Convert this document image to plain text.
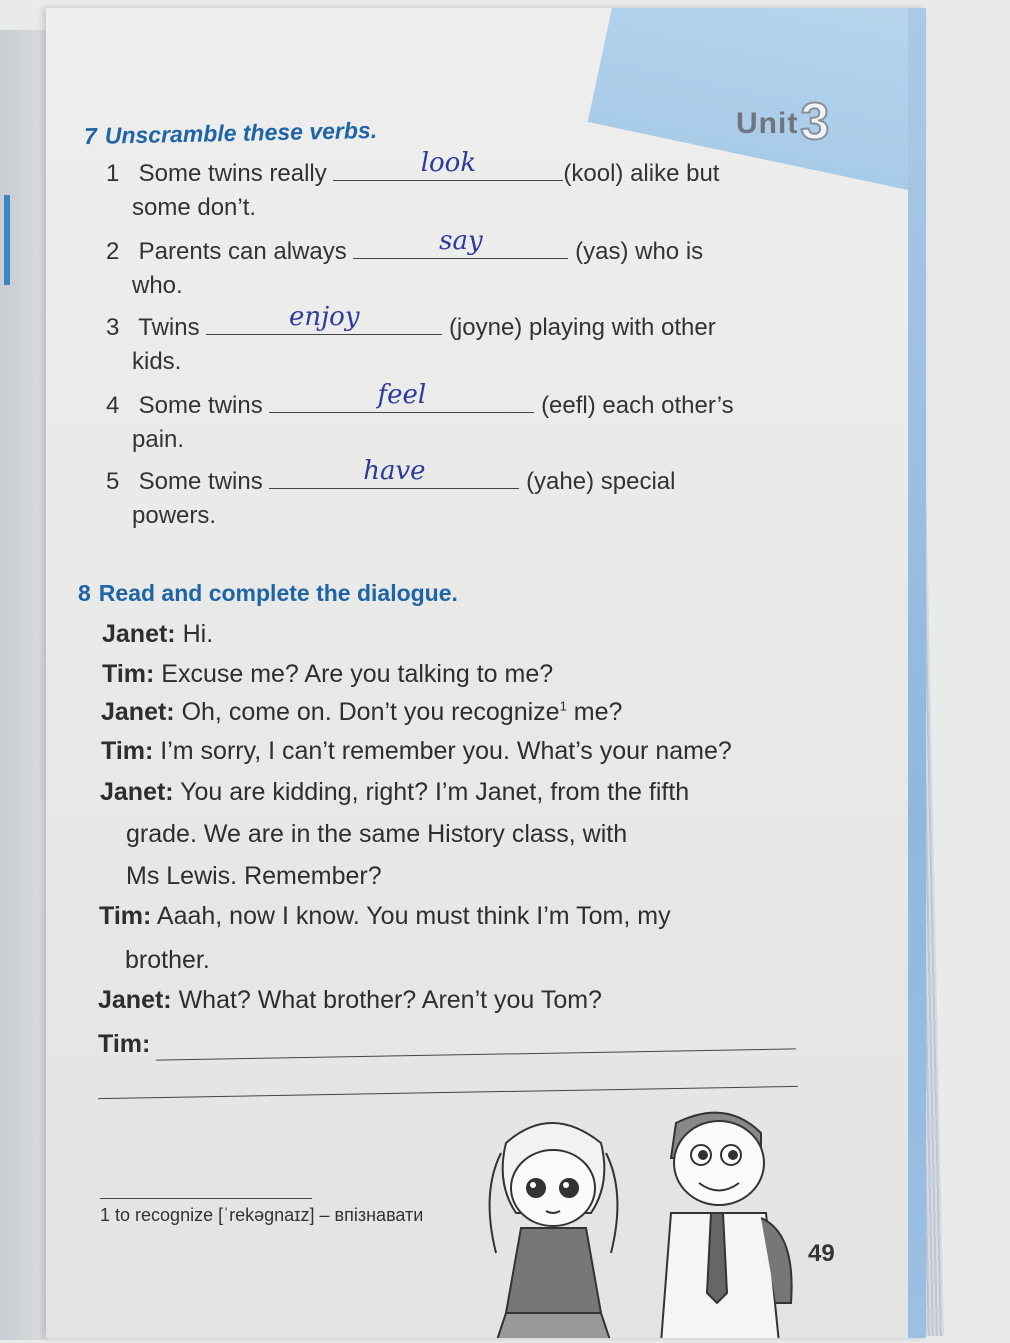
Unit3
7 Unscramble these verbs.
1 Some twins really	look	(kool) alike but
some don’t.
2 Parents can always	say	(yas) who is
who.
3 Twins	enjoy	(joyne) playing with other
kids.
4 Some twins	feel	(eefl) each other’s
pain.
5 Some twins	have	(yahe) special
powers.
8 Read and complete the dialogue.
Janet: Hi.
Tim: Excuse me? Are you talking to me?
Janet: Oh, come on. Don’t you recognize$^1$ me?
Tim: I’m sorry, I can’t remember you. What’s your name?
Janet: You are kidding, right? I’m Janet, from the fifth
grade. We are in the same History class, with
Ms Lewis. Remember?
Tim: Aaah, now I know. You must think I’m Tom, my
brother.
Janet: What? What brother? Aren’t you Tom?
Tim:
1 to recognize [ˈrekəgnaɪz] – впізнавати
49
